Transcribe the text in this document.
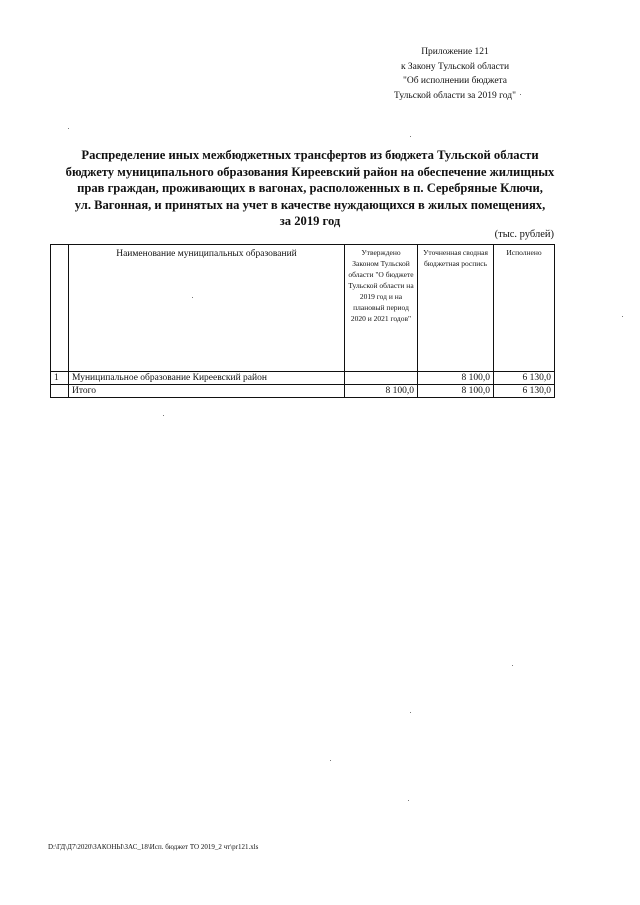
Приложение 121
к Закону Тульской области
"Об исполнении бюджета
Тульской области за 2019 год"
Распределение иных межбюджетных трансфертов из бюджета Тульской области
бюджету муниципального образования Киреевский район на обеспечение жилищных
прав граждан, проживающих в вагонах, расположенных в п. Серебряные Ключи,
ул. Вагонная, и принятых на учет в качестве нуждающихся в жилых помещениях,
за 2019 год
(тыс. рублей)
	Наименование муниципальных образований	Утверждено Законом Тульской области "О бюджете Тульской области на 2019 год и на плановый период 2020 и 2021 годов"	Уточненная сводная бюджетная роспись	Исполнено
1	Муниципальное образование Киреевский район		8 100,0	6 130,0
	Итого	8 100,0	8 100,0	6 130,0
D:\ГД\Д7\2020\ЗАКОНЫ\ЗАС_18\Исп. бюджет ТО 2019_2 чт\pr121.xls
